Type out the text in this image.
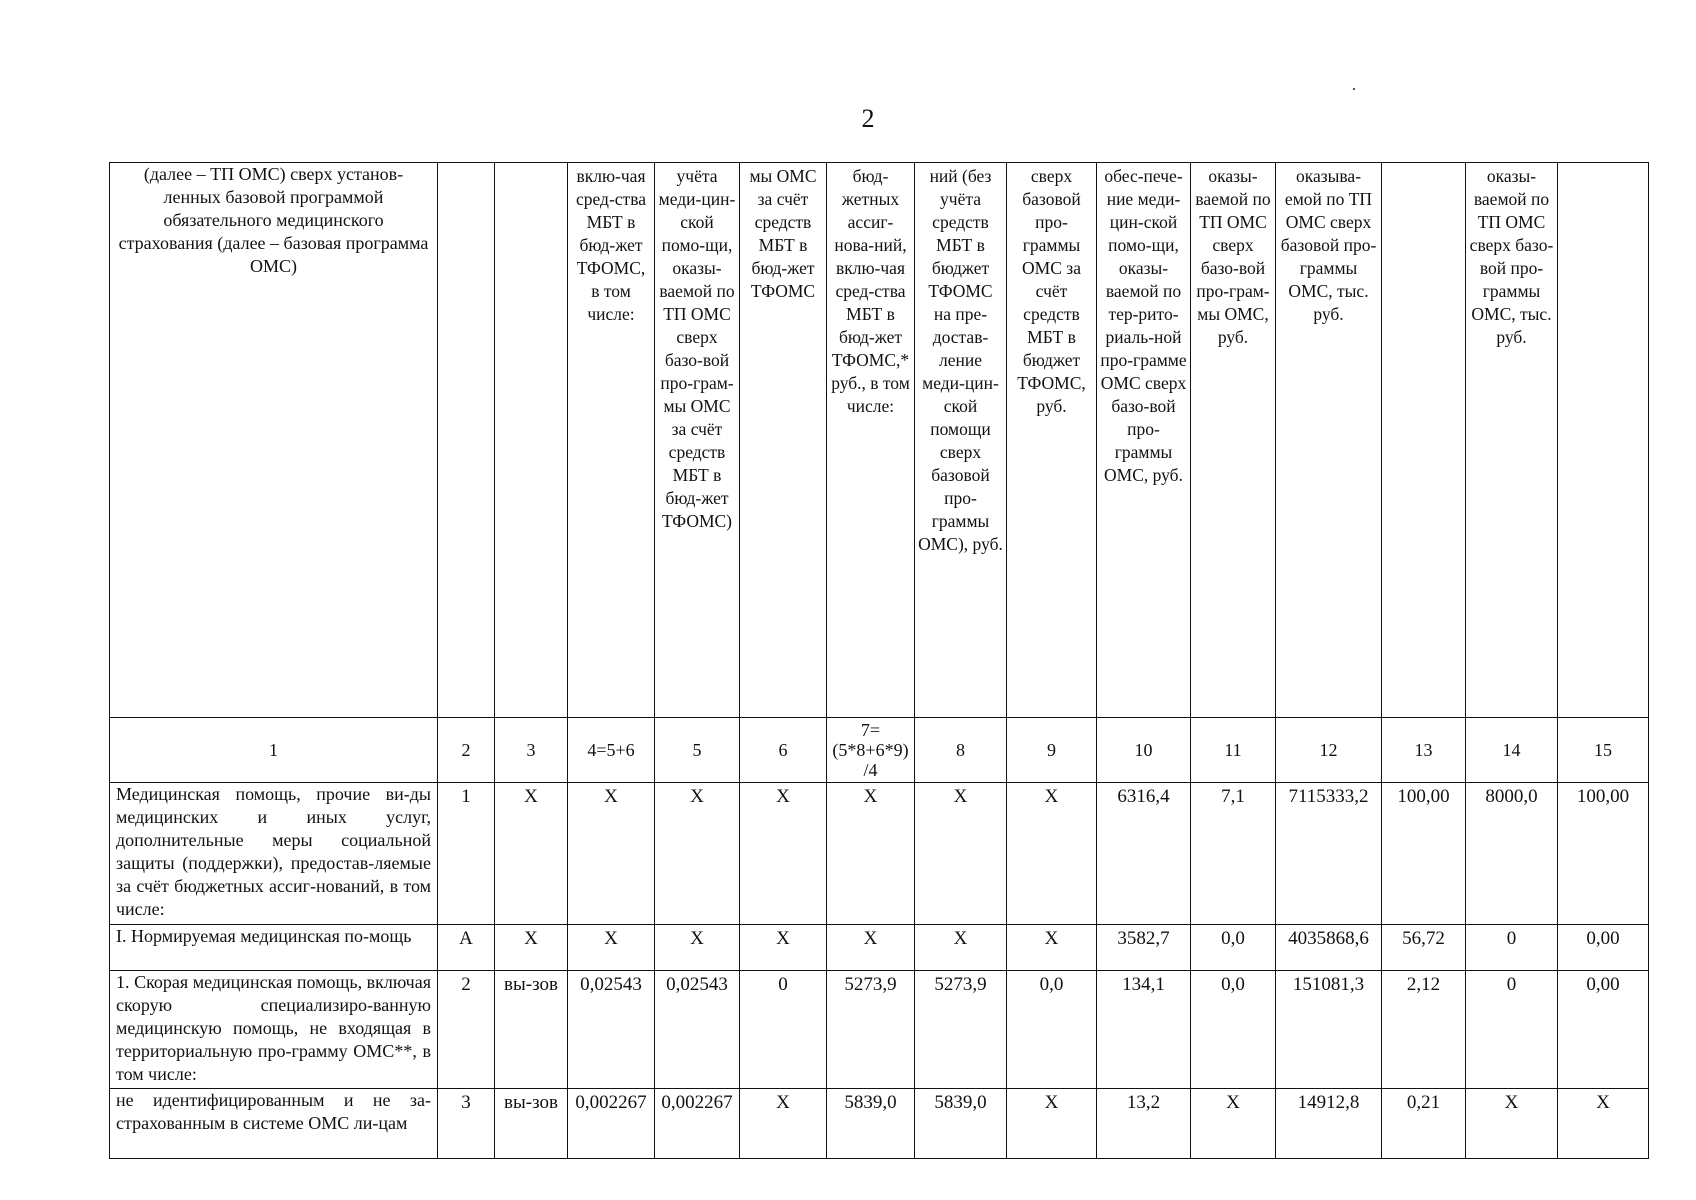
2
(далее – ТП ОМС) сверх установ-ленных базовой программой обязательного медицинского страхования (далее – базовая программа ОМС)			вклю-чая сред-ства МБТ в бюд-жет ТФОМС, в том числе:	учёта меди-цин-ской помо-щи, оказы-ваемой по ТП ОМС сверх базо-вой про-грам-мы ОМС за счёт средств МБТ в бюд-жет ТФОМС)	мы ОМС за счёт средств МБТ в бюд-жет ТФОМС	бюд-жетных ассиг-нова-ний, вклю-чая сред-ства МБТ в бюд-жет ТФОМС,* руб., в том числе:	ний (без учёта средств МБТ в бюджет ТФОМС на пре-достав-ление меди-цин-ской помощи сверх базовой про-граммы ОМС), руб.	сверх базовой про-граммы ОМС за счёт средств МБТ в бюджет ТФОМС, руб.	обес-пече-ние меди-цин-ской помо-щи, оказы-ваемой по тер-рито-риаль-ной про-грамме ОМС сверх базо-вой про-граммы ОМС, руб.	оказы-ваемой по ТП ОМС сверх базо-вой про-грам-мы ОМС, руб.	оказыва-емой по ТП ОМС сверх базовой про-граммы ОМС, тыс. руб.		оказы-ваемой по ТП ОМС сверх базо-вой про-граммы ОМС, тыс. руб.	
1	2	3	4=5+6	5	6	7=(5*8+6*9)/4	8	9	10	11	12	13	14	15
Медицинская помощь, прочие ви-ды медицинских и иных услуг, дополнительные меры социальной защиты (поддержки), предостав-ляемые за счёт бюджетных ассиг-нований, в том числе:	1	Х	Х	Х	Х	Х	Х	Х	6316,4	7,1	7115333,2	100,00	8000,0	100,00
I. Нормируемая медицинская по-мощь	А	Х	Х	Х	Х	Х	Х	Х	3582,7	0,0	4035868,6	56,72	0	0,00
1. Скорая медицинская помощь, включая скорую специализиро-ванную медицинскую помощь, не входящая в территориальную про-грамму ОМС**, в том числе:	2	вы-зов	0,02543	0,02543	0	5273,9	5273,9	0,0	134,1	0,0	151081,3	2,12	0	0,00
не идентифицированным и не за-страхованным в системе ОМС ли-цам	3	вы-зов	0,002267	0,002267	Х	5839,0	5839,0	Х	13,2	Х	14912,8	0,21	Х	Х
